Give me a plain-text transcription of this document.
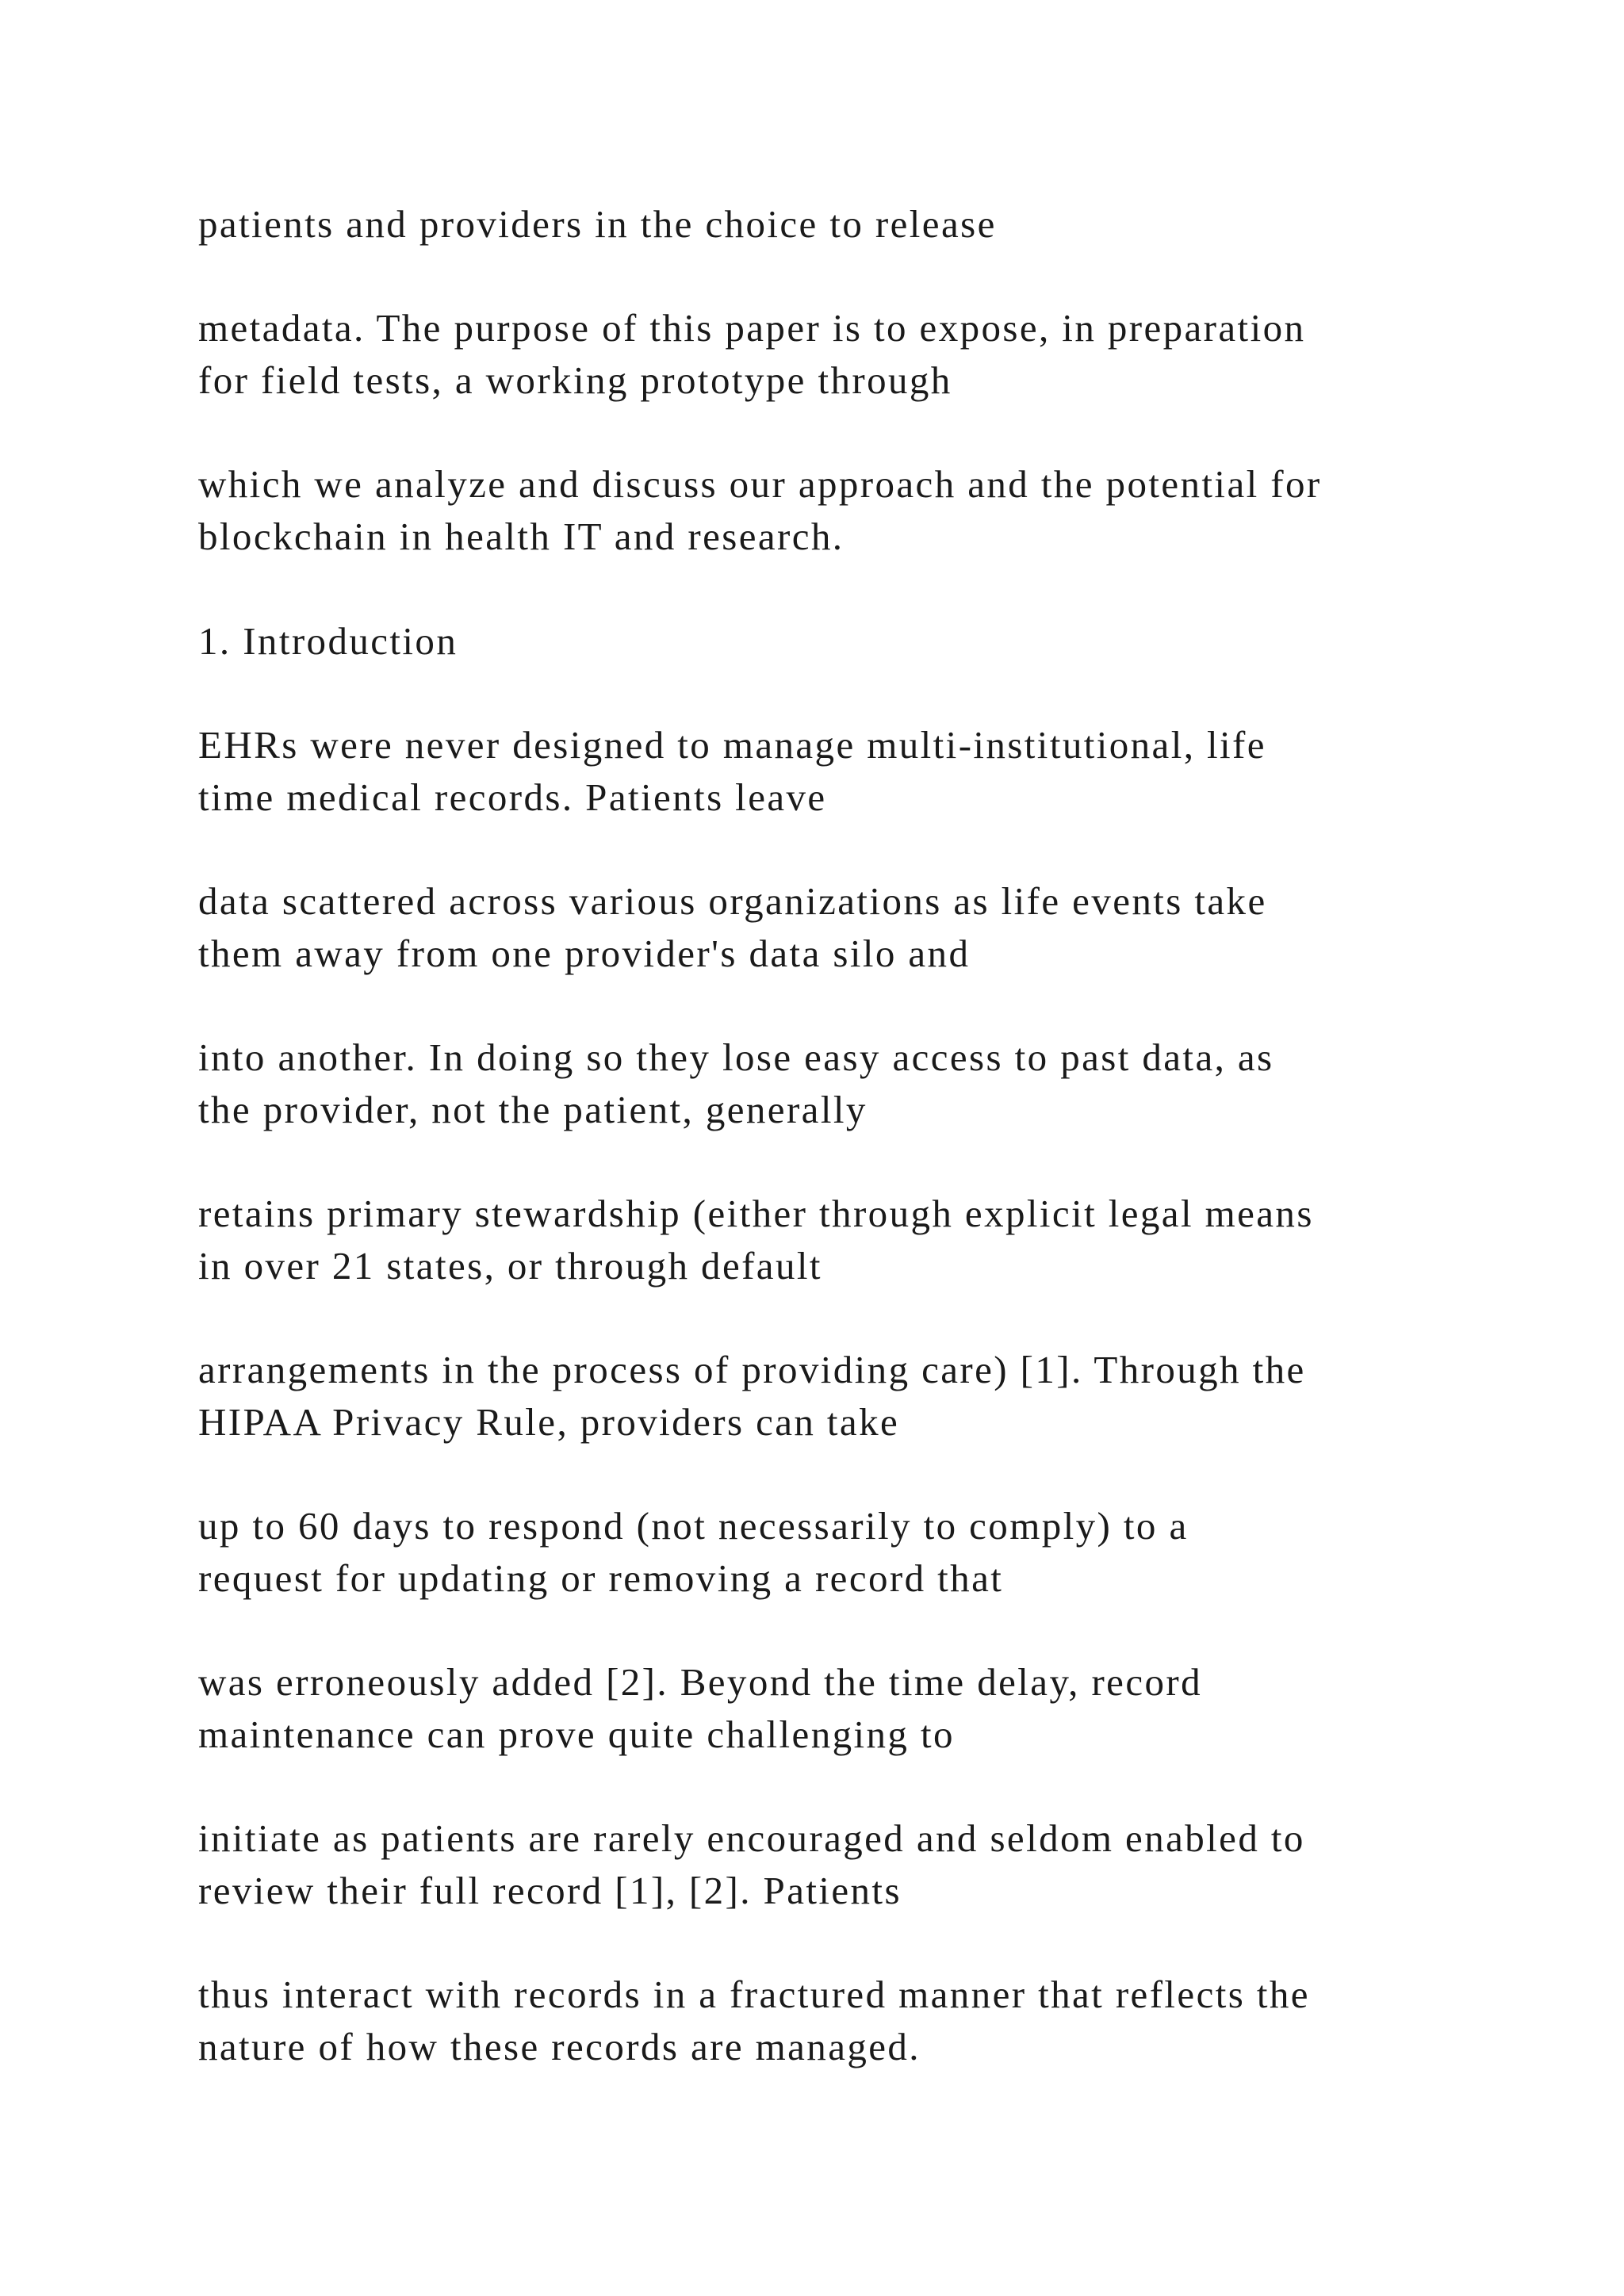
patients and providers in the choice to release
metadata. The purpose of this paper is to expose, in preparation
for field tests, a working prototype through
which we analyze and discuss our approach and the potential for
blockchain in health IT and research.
1. Introduction
EHRs were never designed to manage multi-institutional, life
time medical records. Patients leave
data scattered across various organizations as life events take
them away from one provider's data silo and
into another. In doing so they lose easy access to past data, as
the provider, not the patient, generally
retains primary stewardship (either through explicit legal means
in over 21 states, or through default
arrangements in the process of providing care) [1]. Through the
HIPAA Privacy Rule, providers can take
up to 60 days to respond (not necessarily to comply) to a
request for updating or removing a record that
was erroneously added [2]. Beyond the time delay, record
maintenance can prove quite challenging to
initiate as patients are rarely encouraged and seldom enabled to
review their full record [1], [2]. Patients
thus interact with records in a fractured manner that reflects the
nature of how these records are managed.
